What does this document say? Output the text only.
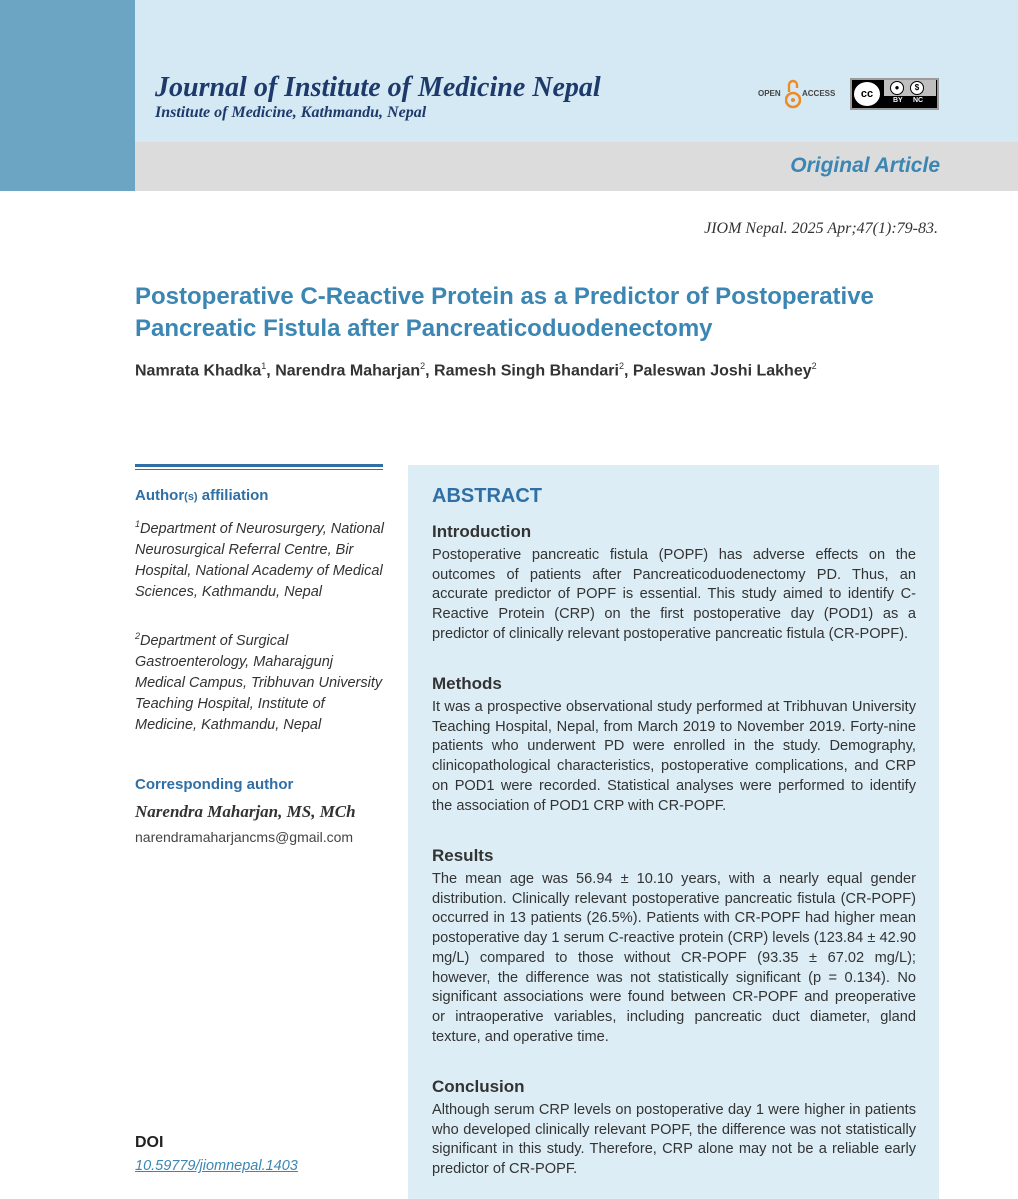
Journal of Institute of Medicine Nepal
Institute of Medicine, Kathmandu, Nepal
OPEN	ACCESS	cc
●	$
BY NC
Original Article
JIOM Nepal. 2025 Apr;47(1):79-83.
Postoperative C-Reactive Protein as a Predictor of Postoperative Pancreatic Fistula after Pancreaticoduodenectomy
Namrata Khadka$^1$, Narendra Maharjan$^2$, Ramesh Singh Bhandari$^2$, Paleswan Joshi Lakhey$^2$
Author(s) affiliation
$^1$Department of Neurosurgery, National Neurosurgical Referral Centre, Bir Hospital, National Academy of Medical Sciences, Kathmandu, Nepal
$^2$Department of Surgical Gastroenterology, Maharajgunj Medical Campus, Tribhuvan University Teaching Hospital, Institute of Medicine, Kathmandu, Nepal
Corresponding author
Narendra Maharjan, MS, MCh
narendramaharjancms@gmail.com
DOI
10.59779/jiomnepal.1403
ABSTRACT
Introduction

Postoperative pancreatic fistula (POPF) has adverse effects on the outcomes of patients after Pancreaticoduodenectomy PD. Thus, an accurate predictor of POPF is essential. This study aimed to identify C-Reactive Protein (CRP) on the first postoperative day (POD1) as a predictor of clinically relevant postoperative pancreatic fistula (CR-POPF).

Methods

It was a prospective observational study performed at Tribhuvan University Teaching Hospital, Nepal, from March 2019 to November 2019. Forty-nine patients who underwent PD were enrolled in the study. Demography, clinicopathological characteristics, postoperative complications, and CRP on POD1 were recorded. Statistical analyses were performed to identify the association of POD1 CRP with CR-POPF.

Results

The mean age was 56.94 ± 10.10 years, with a nearly equal gender distribution. Clinically relevant postoperative pancreatic fistula (CR-POPF) occurred in 13 patients (26.5%). Patients with CR-POPF had higher mean postoperative day 1 serum C-reactive protein (CRP) levels (123.84 ± 42.90 mg/L) compared to those without CR-POPF (93.35 ± 67.02 mg/L); however, the difference was not statistically significant (p = 0.134). No significant associations were found between CR-POPF and preoperative or intraoperative variables, including pancreatic duct diameter, gland texture, and operative time.

Conclusion

Although serum CRP levels on postoperative day 1 were higher in patients who developed clinically relevant POPF, the difference was not statistically significant in this study. Therefore, CRP alone may not be a reliable early predictor of CR-POPF.
